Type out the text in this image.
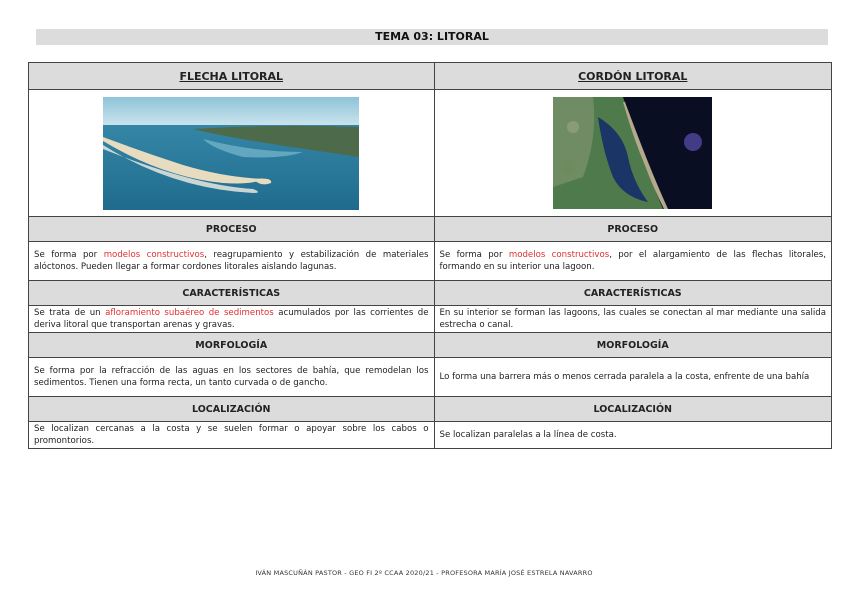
TEMA 03: LITORAL
FLECHA LITORAL	CORDÓN LITORAL

PROCESO	PROCESO
Se forma por modelos constructivos, reagrupamiento y estabilización de materiales alóctonos. Pueden llegar a formar cordones litorales aislando lagunas.	Se forma por modelos constructivos, por el alargamiento de las flechas litorales, formando en su interior una lagoon.
CARACTERÍSTICAS	CARACTERÍSTICAS
Se trata de un afloramiento subaéreo de sedimentos acumulados por las corrientes de deriva litoral que transportan arenas y gravas.	En su interior se forman las lagoons, las cuales se conectan al mar mediante una salida estrecha o canal.
MORFOLOGÍA	MORFOLOGÍA
Se forma por la refracción de las aguas en los sectores de bahía, que remodelan los sedimentos. Tienen una forma recta, un tanto curvada o de gancho.	Lo forma una barrera más o menos cerrada paralela a la costa, enfrente de una bahía
LOCALIZACIÓN	LOCALIZACIÓN
Se localizan cercanas a la costa y se suelen formar o apoyar sobre los cabos o promontorios.	Se localizan paralelas a la línea de costa.
IVÁN MASCUÑÁN PASTOR - GEO FI 2º CCAA 2020/21 - PROFESORA MARÍA JOSÉ ESTRELA NAVARRO
